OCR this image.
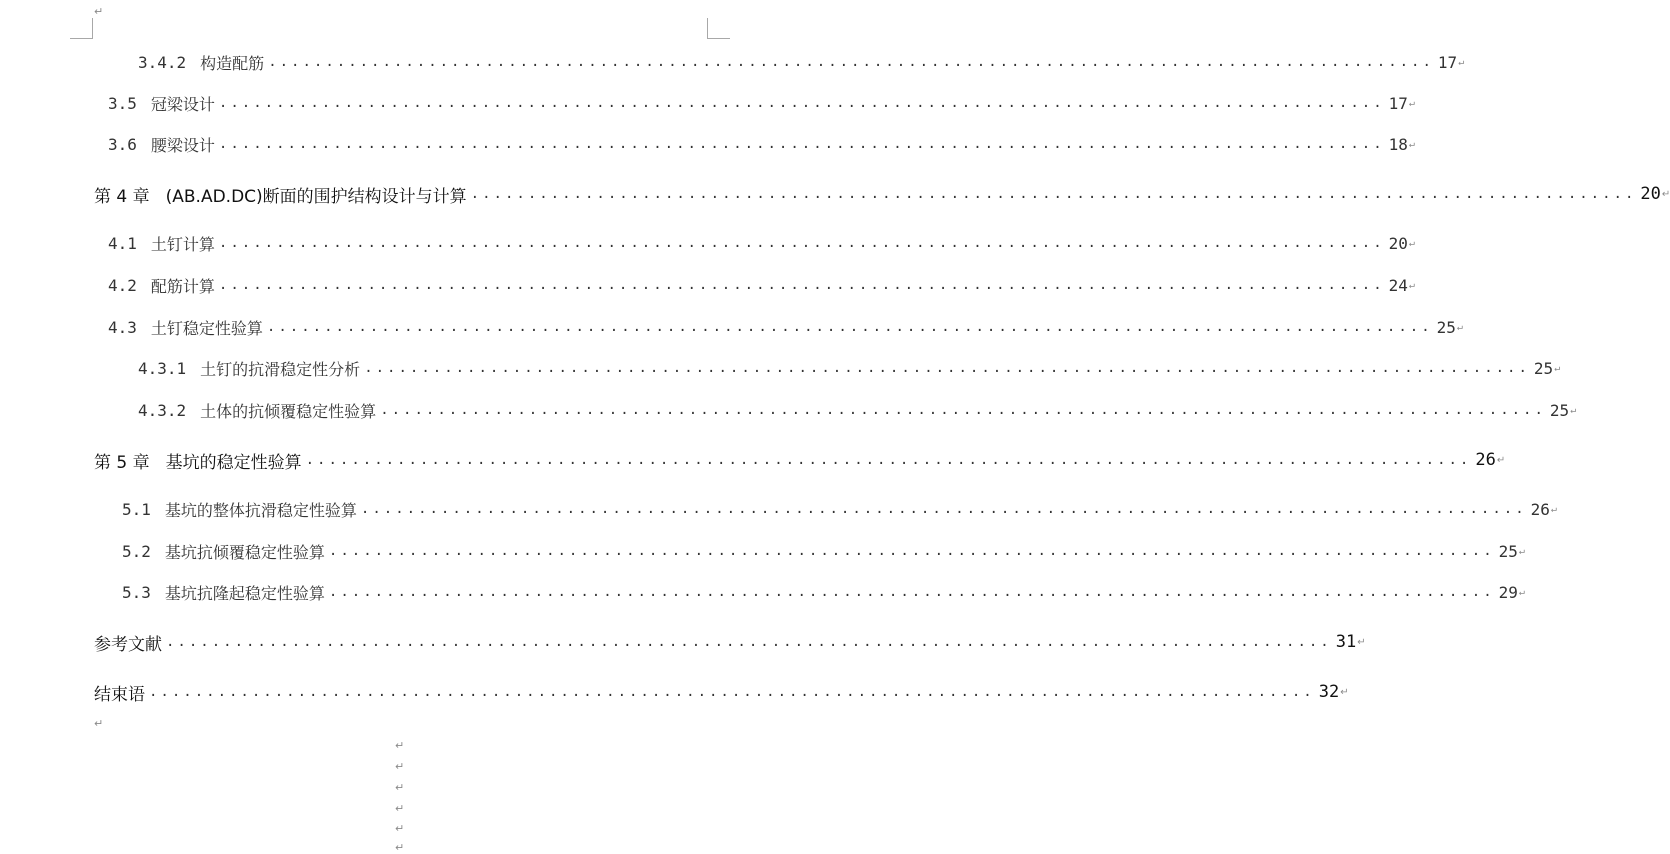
↵
3.4.2 构造配筋 ...................................................................................................... 17 ↵
3.5 冠梁设计 ...................................................................................................... 17 ↵
3.6 腰梁设计 ...................................................................................................... 18 ↵
第 4 章 (AB.AD.DC)断面的围护结构设计与计算 ...................................................................................................... 20 ↵
4.1 土钉计算 ...................................................................................................... 20 ↵
4.2 配筋计算 ...................................................................................................... 24 ↵
4.3 土钉稳定性验算 ...................................................................................................... 25 ↵
4.3.1 土钉的抗滑稳定性分析 ...................................................................................................... 25 ↵
4.3.2 土体的抗倾覆稳定性验算 ...................................................................................................... 25 ↵
第 5 章 基坑的稳定性验算 ...................................................................................................... 26 ↵
5.1 基坑的整体抗滑稳定性验算 ...................................................................................................... 26 ↵
5.2 基坑抗倾覆稳定性验算 ...................................................................................................... 25 ↵
5.3 基坑抗隆起稳定性验算 ...................................................................................................... 29 ↵
参考文献 ...................................................................................................... 31 ↵
结束语 ...................................................................................................... 32 ↵
↵
↵
↵
↵
↵
↵
↵
